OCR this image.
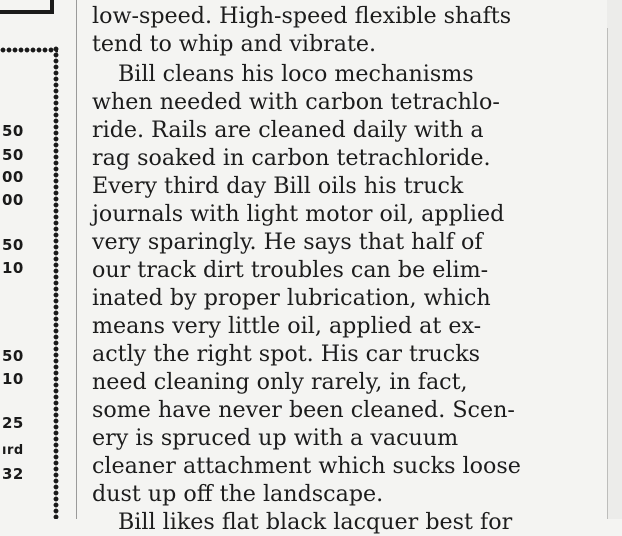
50
50
00
00
50
10
50
10
25
ırd
32
low-speed. High-speed flexible shafts
tend to whip and vibrate.
Bill cleans his loco mechanisms
when needed with carbon tetrachlo-
ride. Rails are cleaned daily with a
rag soaked in carbon tetrachloride.
Every third day Bill oils his truck
journals with light motor oil, applied
very sparingly. He says that half of
our track dirt troubles can be elim-
inated by proper lubrication, which
means very little oil, applied at ex-
actly the right spot. His car trucks
need cleaning only rarely, in fact,
some have never been cleaned. Scen-
ery is spruced up with a vacuum
cleaner attachment which sucks loose
dust up off the landscape.
Bill likes flat black lacquer best for
